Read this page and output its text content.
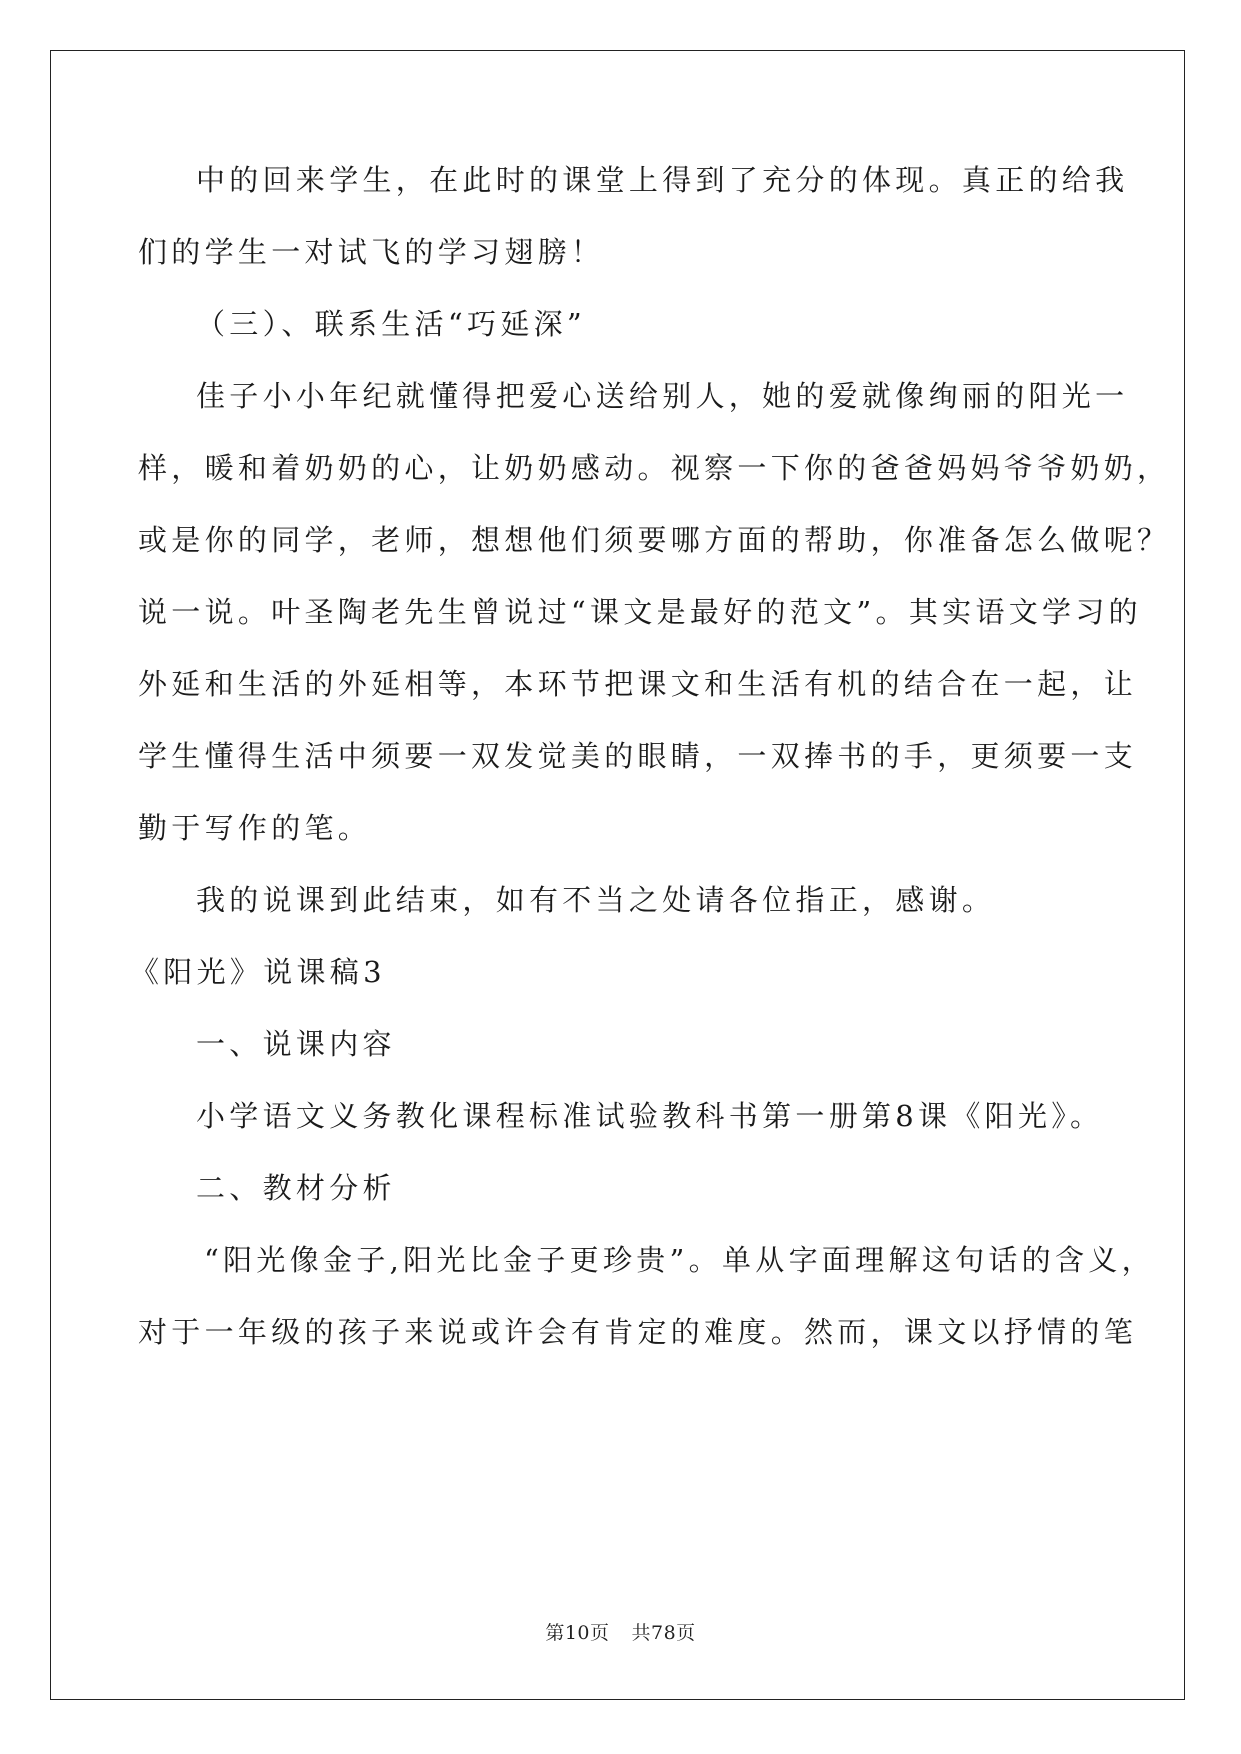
中的回来学生，在此时的课堂上得到了充分的体现。真正的给我
们的学生一对试飞的学习翅膀！
（三）、联系生活“巧延深”
佳子小小年纪就懂得把爱心送给别人，她的爱就像绚丽的阳光一
样，暖和着奶奶的心，让奶奶感动。视察一下你的爸爸妈妈爷爷奶奶，
或是你的同学，老师，想想他们须要哪方面的帮助，你准备怎么做呢？
说一说。叶圣陶老先生曾说过“课文是最好的范文”。其实语文学习的
外延和生活的外延相等，本环节把课文和生活有机的结合在一起，让
学生懂得生活中须要一双发觉美的眼睛，一双捧书的手，更须要一支
勤于写作的笔。
我的说课到此结束，如有不当之处请各位指正，感谢。
《阳光》说课稿3
一、说课内容
小学语文义务教化课程标准试验教科书第一册第8课《阳光》。
二、教材分析
“阳光像金子,阳光比金子更珍贵”。单从字面理解这句话的含义，
对于一年级的孩子来说或许会有肯定的难度。然而，课文以抒情的笔
第10页 共78页
